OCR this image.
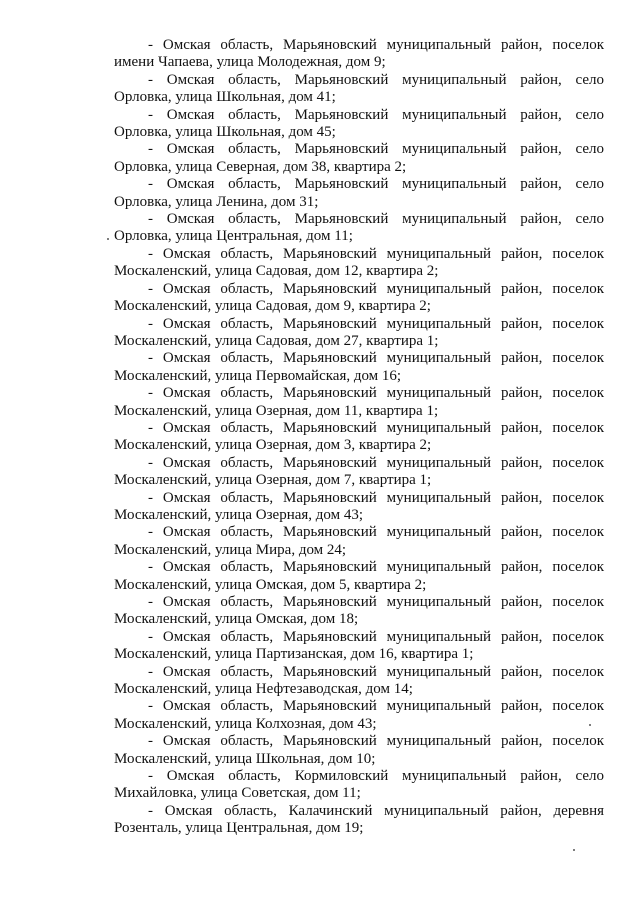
- Омская область, Марьяновский муниципальный район, поселок имени Чапаева, улица Молодежная, дом 9;

- Омская область, Марьяновский муниципальный район, село Орловка, улица Школьная, дом 41;

- Омская область, Марьяновский муниципальный район, село Орловка, улица Школьная, дом 45;

- Омская область, Марьяновский муниципальный район, село Орловка, улица Северная, дом 38, квартира 2;

- Омская область, Марьяновский муниципальный район, село Орловка, улица Ленина, дом 31;

- Омская область, Марьяновский муниципальный район, село Орловка, улица Центральная, дом 11;

- Омская область, Марьяновский муниципальный район, поселок Москаленский, улица Садовая, дом 12, квартира 2;

- Омская область, Марьяновский муниципальный район, поселок Москаленский, улица Садовая, дом 9, квартира 2;

- Омская область, Марьяновский муниципальный район, поселок Москаленский, улица Садовая, дом 27, квартира 1;

- Омская область, Марьяновский муниципальный район, поселок Москаленский, улица Первомайская, дом 16;

- Омская область, Марьяновский муниципальный район, поселок Москаленский, улица Озерная, дом 11, квартира 1;

- Омская область, Марьяновский муниципальный район, поселок Москаленский, улица Озерная, дом 3, квартира 2;

- Омская область, Марьяновский муниципальный район, поселок Москаленский, улица Озерная, дом 7, квартира 1;

- Омская область, Марьяновский муниципальный район, поселок Москаленский, улица Озерная, дом 43;

- Омская область, Марьяновский муниципальный район, поселок Москаленский, улица Мира, дом 24;

- Омская область, Марьяновский муниципальный район, поселок Москаленский, улица Омская, дом 5, квартира 2;

- Омская область, Марьяновский муниципальный район, поселок Москаленский, улица Омская, дом 18;

- Омская область, Марьяновский муниципальный район, поселок Москаленский, улица Партизанская, дом 16, квартира 1;

- Омская область, Марьяновский муниципальный район, поселок Москаленский, улица Нефтезаводская, дом 14;

- Омская область, Марьяновский муниципальный район, поселок Москаленский, улица Колхозная, дом 43;

- Омская область, Марьяновский муниципальный район, поселок Москаленский, улица Школьная, дом 10;

- Омская область, Кормиловский муниципальный район, село Михайловка, улица Советская, дом 11;

- Омская область, Калачинский муниципальный район, деревня Розенталь, улица Центральная, дом 19;
